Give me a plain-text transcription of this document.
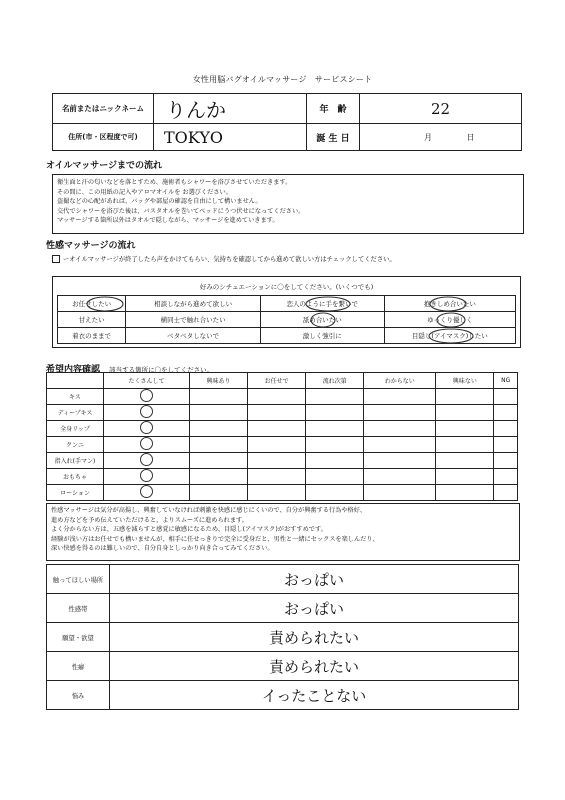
女性用脳バグオイルマッサージ　サービスシート
名前またはニックネーム	りんか	年　齢	22
住所(市・区程度で可)	TOKYO	誕 生 日	月 日
オイルマッサージまでの流れ
衛生面と汗の匂いなどを落とすため、施術者もシャワーを浴びさせていただきます。
その間に、この用紙の記入やアロマオイルを お選びください。
盗撮などの心配があれば、バッグや部屋の確認を自由にして構いません。
交代でシャワーを浴びた後は、バスタオルを巻いてベッドにうつ伏せになってください。
マッサージする箇所以外はタオルで隠しながら、マッサージを進めていきます。
性感マッサージの流れ
ーオイルマッサージが終了したら声をかけてもらい、気持ちを確認してから進めて欲しい方はチェックしてください。
好みのシチュエーションに〇をしてください。(いくつでも)
お任せしたい	相談しながら進めて欲しい	恋人のように手を繋いで	抱きしめ合いたい
甘えたい	横同士で触れ合いたい	舐め合いたい	ゆっくり優しく
着衣のままで	ベタベタしないで	激しく強引に	目隠し(アイマスク)したい
希望内容確認 該当する箇所に〇をしてください。
	たくさんして	興味あり	お任せで	流れ次第	わからない	興味ない	NG
キス							
ディープキス							
全身リップ							
クンニ							
指入れ(手マン)							
おもちゃ							
ローション							
性感マッサージは気分が高揚し、興奮していなければ刺激を快感に感じにくいので、自分が興奮する行為や格好、
進め方などを予め伝えていただけると、よりスムーズに進められます。
よく分からない方は、五感を減らすと感覚に敏感になるため、目隠し(アイマスク)がおすすめです。
経験が浅い方はお任せでも構いませんが、相手に任せっきりで完全に受身だと、男性と一緒にセックスを楽しんだり、
深い快感を得るのは難しいので、自分自身としっかり向き合ってみてください。
触ってほしい場所	おっぱい
性感帯	おっぱい
願望・欲望	責められたい
性癖	責められたい
悩み	イったことない
